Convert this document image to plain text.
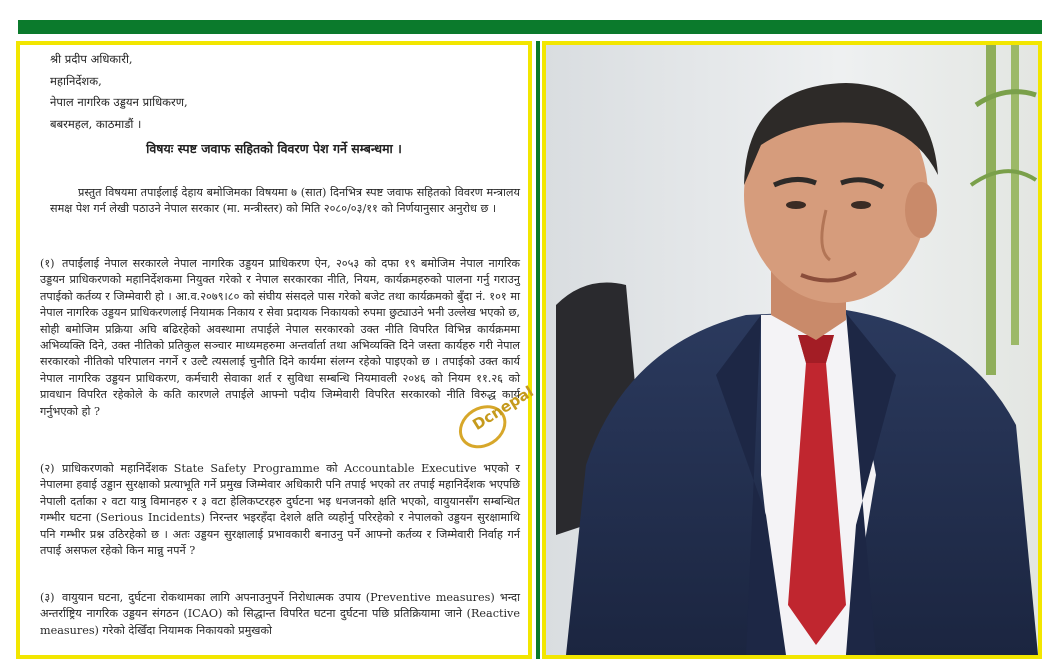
श्री प्रदीप अधिकारी,
महानिर्देशक,
नेपाल नागरिक उड्डयन प्राधिकरण,
बबरमहल, काठमाडौं ।
विषयः स्पष्ट जवाफ सहितको विवरण पेश गर्ने सम्बन्धमा ।
प्रस्तुत विषयमा तपाईलाई देहाय बमोजिमका विषयमा ७ (सात) दिनभित्र स्पष्ट जवाफ सहितको विवरण मन्त्रालय समक्ष पेश गर्न लेखी पठाउने नेपाल सरकार (मा. मन्त्रीस्तर) को मिति २०८०/०३/११ को निर्णयानुसार अनुरोध छ ।
(१) तपाईलाई नेपाल सरकारले नेपाल नागरिक उड्डयन प्राधिकरण ऐन, २०५३ को दफा १९ बमोजिम नेपाल नागरिक उड्डयन प्राधिकरणको महानिर्देशकमा नियुक्त गरेको र नेपाल सरकारका नीति, नियम, कार्यक्रमहरुको पालना गर्नु गराउनु तपाईको कर्तव्य र जिम्मेवारी हो । आ.व.२०७९।८० को संघीय संसदले पास गरेको बजेट तथा कार्यक्रमको बुँदा नं. १०१ मा नेपाल नागरिक उड्डयन प्राधिकरणलाई नियामक निकाय र सेवा प्रदायक निकायको रुपमा छुट्याउने भनी उल्लेख भएको छ, सोही बमोजिम प्रक्रिया अघि बढिरहेको अवस्थामा तपाईले नेपाल सरकारको उक्त नीति विपरित विभिन्न कार्यक्रममा अभिव्यक्ति दिने, उक्त नीतिको प्रतिकुल सञ्चार माध्यमहरुमा अन्तर्वार्ता तथा अभिव्यक्ति दिने जस्ता कार्यहरु गरी नेपाल सरकारको नीतिको परिपालन नगर्ने र उल्टै त्यसलाई चुनौति दिने कार्यमा संलग्न रहेको पाइएको छ । तपाईको उक्त कार्य नेपाल नागरिक उड्डयन प्राधिकरण, कर्मचारी सेवाका शर्त र सुविधा सम्बन्धि नियमावली २०४६ को नियम ११.२६ को प्रावधान विपरित रहेकोले के कति कारणले तपाईले आफ्नो पदीय जिम्मेवारी विपरित सरकारको नीति विरुद्ध कार्य गर्नुभएको हो ?
(२) प्राधिकरणको महानिर्देशक State Safety Programme को Accountable Executive भएको र नेपालमा हवाई उड्डान सुरक्षाको प्रत्याभूति गर्ने प्रमुख जिम्मेवार अधिकारी पनि तपाई भएको तर तपाई महानिर्देशक भएपछि नेपाली दर्ताका २ वटा यात्रु विमानहरु र ३ वटा हेलिकप्टरहरु दुर्घटना भइ धनजनको क्षति भएको, वायुयानसँग सम्बन्धित गम्भीर घटना (Serious Incidents) निरन्तर भइरहँदा देशले क्षति व्यहोर्नु परिरहेको र नेपालको उड्डयन सुरक्षामाथि पनि गम्भीर प्रश्न उठिरहेको छ । अतः उड्डयन सुरक्षालाई प्रभावकारी बनाउनु पर्ने आफ्नो कर्तव्य र जिम्मेवारी निर्वाह गर्न तपाई असफल रहेको किन मान्नु नपर्ने ?
(३) वायुयान घटना, दुर्घटना रोकथामका लागि अपनाउनुपर्ने निरोधात्मक उपाय (Preventive measures) भन्दा अन्तर्राष्ट्रिय नागरिक उड्डयन संगठन (ICAO) को सिद्धान्त विपरित घटना दुर्घटना पछि प्रतिक्रियामा जाने (Reactive measures) गरेको देखिँदा नियामक निकायको प्रमुखको
Dcnepal
